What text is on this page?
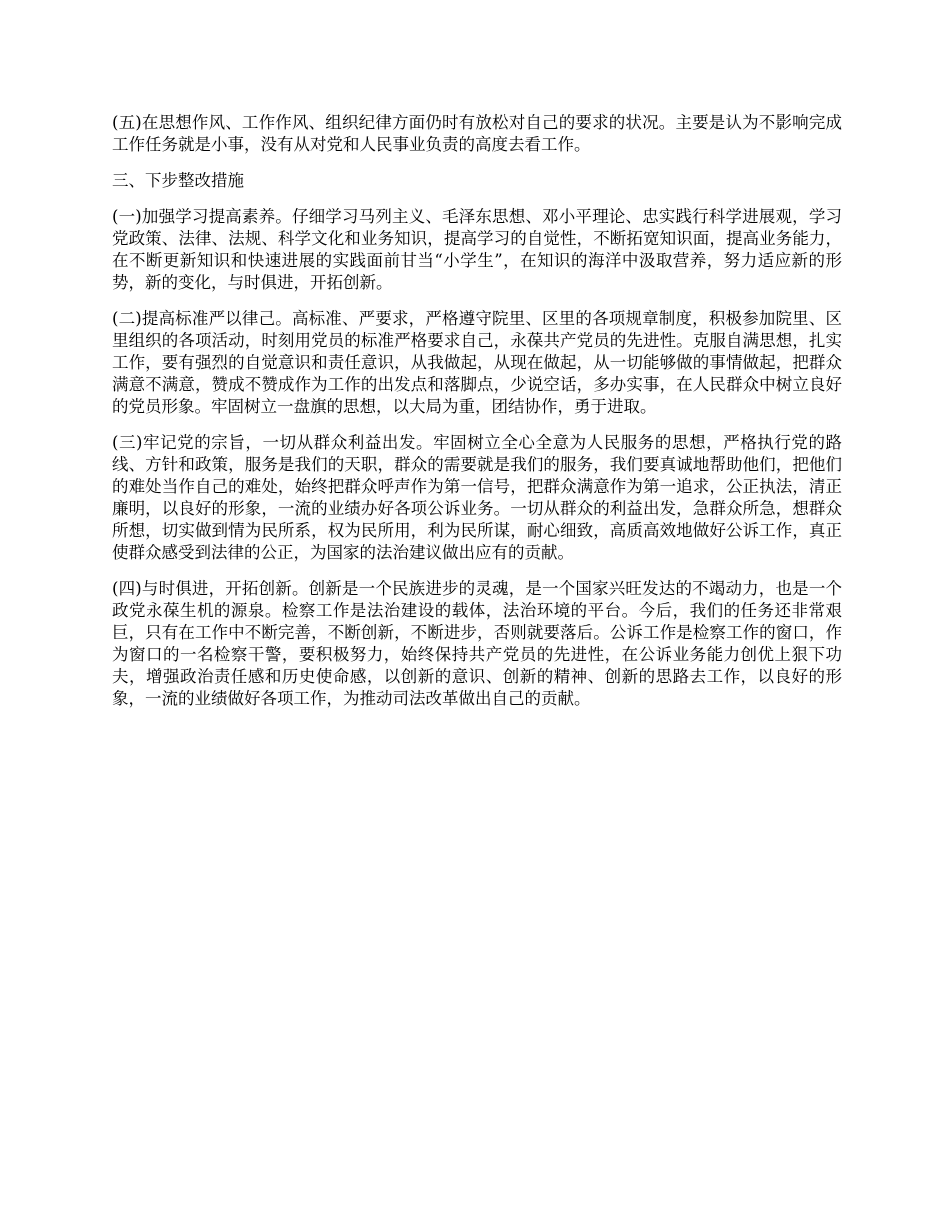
(五)在思想作风、工作作风、组织纪律方面仍时有放松对自己的要求的状况。主要是认为不影响完成工作任务就是小事，没有从对党和人民事业负责的高度去看工作。

三、下步整改措施

(一)加强学习提高素养。仔细学习马列主义、毛泽东思想、邓小平理论、忠实践行科学进展观，学习党政策、法律、法规、科学文化和业务知识，提高学习的自觉性，不断拓宽知识面，提高业务能力，在不断更新知识和快速进展的实践面前甘当“小学生”，在知识的海洋中汲取营养，努力适应新的形势，新的变化，与时俱进，开拓创新。

(二)提高标准严以律己。高标准、严要求，严格遵守院里、区里的各项规章制度，积极参加院里、区里组织的各项活动，时刻用党员的标准严格要求自己，永葆共产党员的先进性。克服自满思想，扎实工作，要有强烈的自觉意识和责任意识，从我做起，从现在做起，从一切能够做的事情做起，把群众满意不满意，赞成不赞成作为工作的出发点和落脚点，少说空话，多办实事，在人民群众中树立良好的党员形象。牢固树立一盘旗的思想，以大局为重，团结协作，勇于进取。

(三)牢记党的宗旨，一切从群众利益出发。牢固树立全心全意为人民服务的思想，严格执行党的路线、方针和政策，服务是我们的天职，群众的需要就是我们的服务，我们要真诚地帮助他们，把他们的难处当作自己的难处，始终把群众呼声作为第一信号，把群众满意作为第一追求，公正执法，清正廉明，以良好的形象，一流的业绩办好各项公诉业务。一切从群众的利益出发，急群众所急，想群众所想，切实做到情为民所系，权为民所用，利为民所谋，耐心细致，高质高效地做好公诉工作，真正使群众感受到法律的公正，为国家的法治建议做出应有的贡献。

(四)与时俱进，开拓创新。创新是一个民族进步的灵魂，是一个国家兴旺发达的不竭动力，也是一个政党永葆生机的源泉。检察工作是法治建设的载体，法治环境的平台。今后，我们的任务还非常艰巨，只有在工作中不断完善，不断创新，不断进步，否则就要落后。公诉工作是检察工作的窗口，作为窗口的一名检察干警，要积极努力，始终保持共产党员的先进性，在公诉业务能力创优上狠下功夫，增强政治责任感和历史使命感，以创新的意识、创新的精神、创新的思路去工作，以良好的形象，一流的业绩做好各项工作，为推动司法改革做出自己的贡献。
